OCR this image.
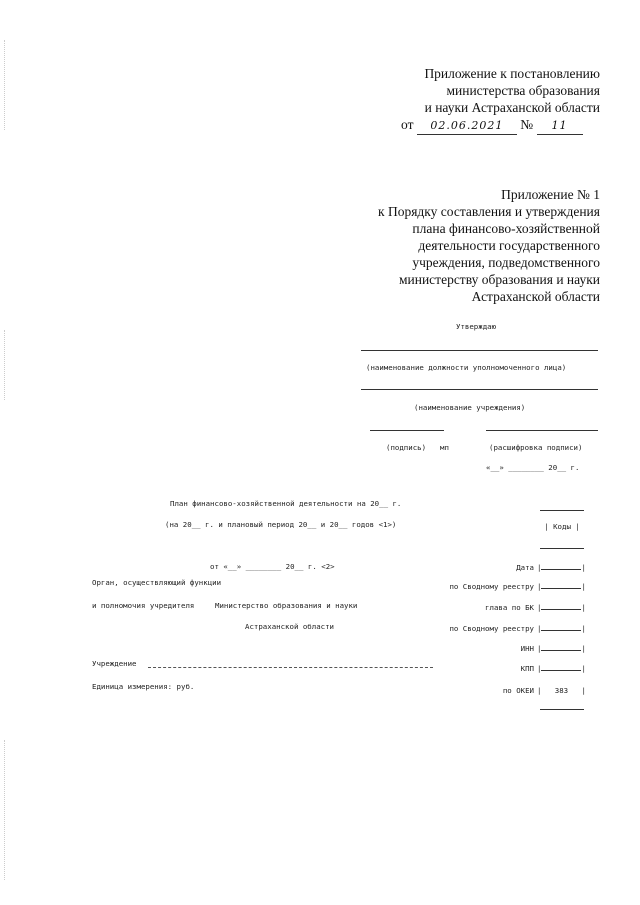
Приложение к постановлению
министерства образования
и науки Астраханской области
от 02.06.2021 № 11
Приложение № 1
к Порядку составления и утверждения
плана финансово-хозяйственной
деятельности государственного
учреждения, подведомственного
министерству образования и науки
Астраханской области
Утверждаю
(наименование должности уполномоченного лица)
(наименование учреждения)
(подпись) мп	(расшифровка подписи)
«__» ________ 20__ г.
План финансово-хозяйственной деятельности на 20__ г.
(на 20__ г. и плановый период 20__ и 20__ годов <1>)
от «__» ________ 20__ г. <2>
Орган, осуществляющий функции
и полномочия учредителя	Министерство образования и науки
Астраханской области
Учреждение
Единица измерения: руб.
| Коды |
Дата |	|
по Сводному реестру |	|
глава по БК |	|
по Сводному реестру |	|
ИНН |	|
КПП |	|
по ОКЕИ | 383 |
